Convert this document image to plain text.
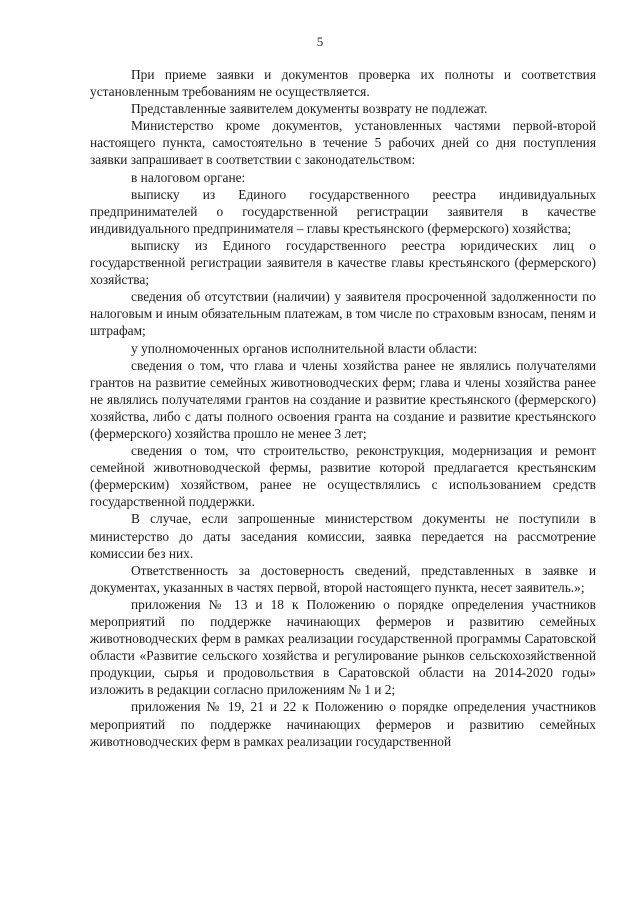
5

При приеме заявки и документов проверка их полноты и соответствия установленным требованиям не осуществляется.

Представленные заявителем документы возврату не подлежат.

Министерство кроме документов, установленных частями первой-второй настоящего пункта, самостоятельно в течение 5 рабочих дней со дня поступления заявки запрашивает в соответствии с законодательством:

в налоговом органе:

выписку из Единого государственного реестра индивидуальных предпринимателей о государственной регистрации заявителя в качестве индивидуального предпринимателя – главы крестьянского (фермерского) хозяйства;

выписку из Единого государственного реестра юридических лиц о государственной регистрации заявителя в качестве главы крестьянского (фермерского) хозяйства;

сведения об отсутствии (наличии) у заявителя просроченной задолженности по налоговым и иным обязательным платежам, в том числе по страховым взносам, пеням и штрафам;

у уполномоченных органов исполнительной власти области:

сведения о том, что глава и члены хозяйства ранее не являлись получателями грантов на развитие семейных животноводческих ферм; глава и члены хозяйства ранее не являлись получателями грантов на создание и развитие крестьянского (фермерского) хозяйства, либо с даты полного освоения гранта на создание и развитие крестьянского (фермерского) хозяйства прошло не менее 3 лет;

сведения о том, что строительство, реконструкция, модернизация и ремонт семейной животноводческой фермы, развитие которой предлагается крестьянским (фермерским) хозяйством, ранее не осуществлялись с использованием средств государственной поддержки.

В случае, если запрошенные министерством документы не поступили в министерство до даты заседания комиссии, заявка передается на рассмотрение комиссии без них.

Ответственность за достоверность сведений, представленных в заявке и документах, указанных в частях первой, второй настоящего пункта, несет заявитель.»;

приложения № 13 и 18 к Положению о порядке определения участников мероприятий по поддержке начинающих фермеров и развитию семейных животноводческих ферм в рамках реализации государственной программы Саратовской области «Развитие сельского хозяйства и регулирование рынков сельскохозяйственной продукции, сырья и продовольствия в Саратовской области на 2014-2020 годы» изложить в редакции согласно приложениям № 1 и 2;

приложения № 19, 21 и 22 к Положению о порядке определения участников мероприятий по поддержке начинающих фермеров и развитию семейных животноводческих ферм в рамках реализации государственной
